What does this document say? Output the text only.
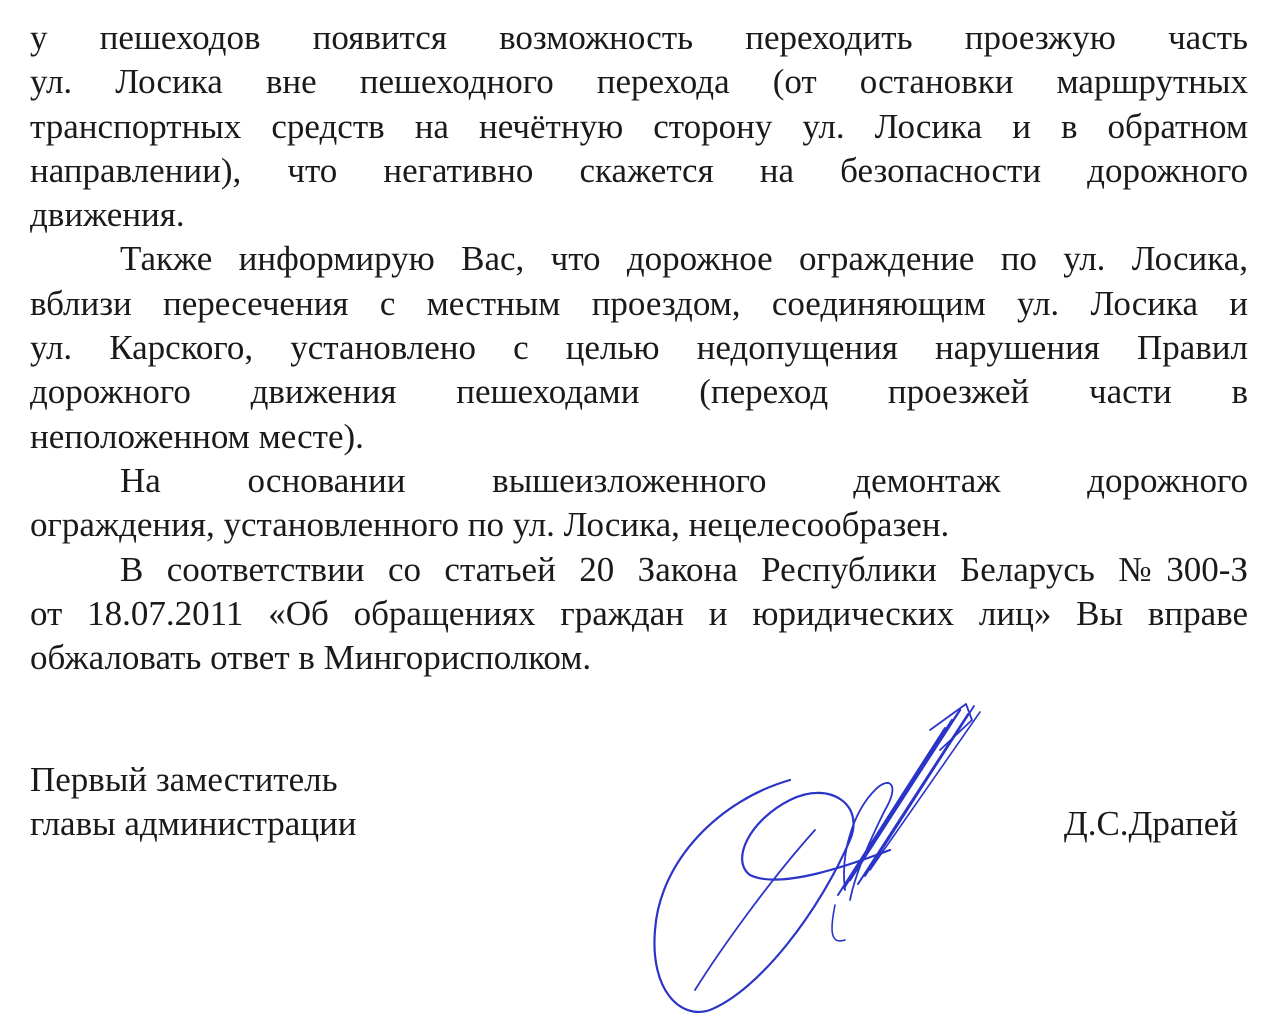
у пешеходов появится возможность переходить проезжую часть
ул. Лосика вне пешеходного перехода (от остановки маршрутных
транспортных средств на нечётную сторону ул. Лосика и в обратном
направлении), что негативно скажется на безопасности дорожного
движения.

Также информирую Вас, что дорожное ограждение по ул. Лосика,
вблизи пересечения с местным проездом, соединяющим ул. Лосика и
ул. Карского, установлено с целью недопущения нарушения Правил
дорожного движения пешеходами (переход проезжей части в
неположенном месте).

На основании вышеизложенного демонтаж дорожного
ограждения, установленного по ул. Лосика, нецелесообразен.

В соответствии со статьей 20 Закона Республики Беларусь №300-З
от 18.07.2011 «Об обращениях граждан и юридических лиц» Вы вправе
обжаловать ответ в Мингорисполком.

Первый заместитель
главы администрации	Д.С.Драпей
